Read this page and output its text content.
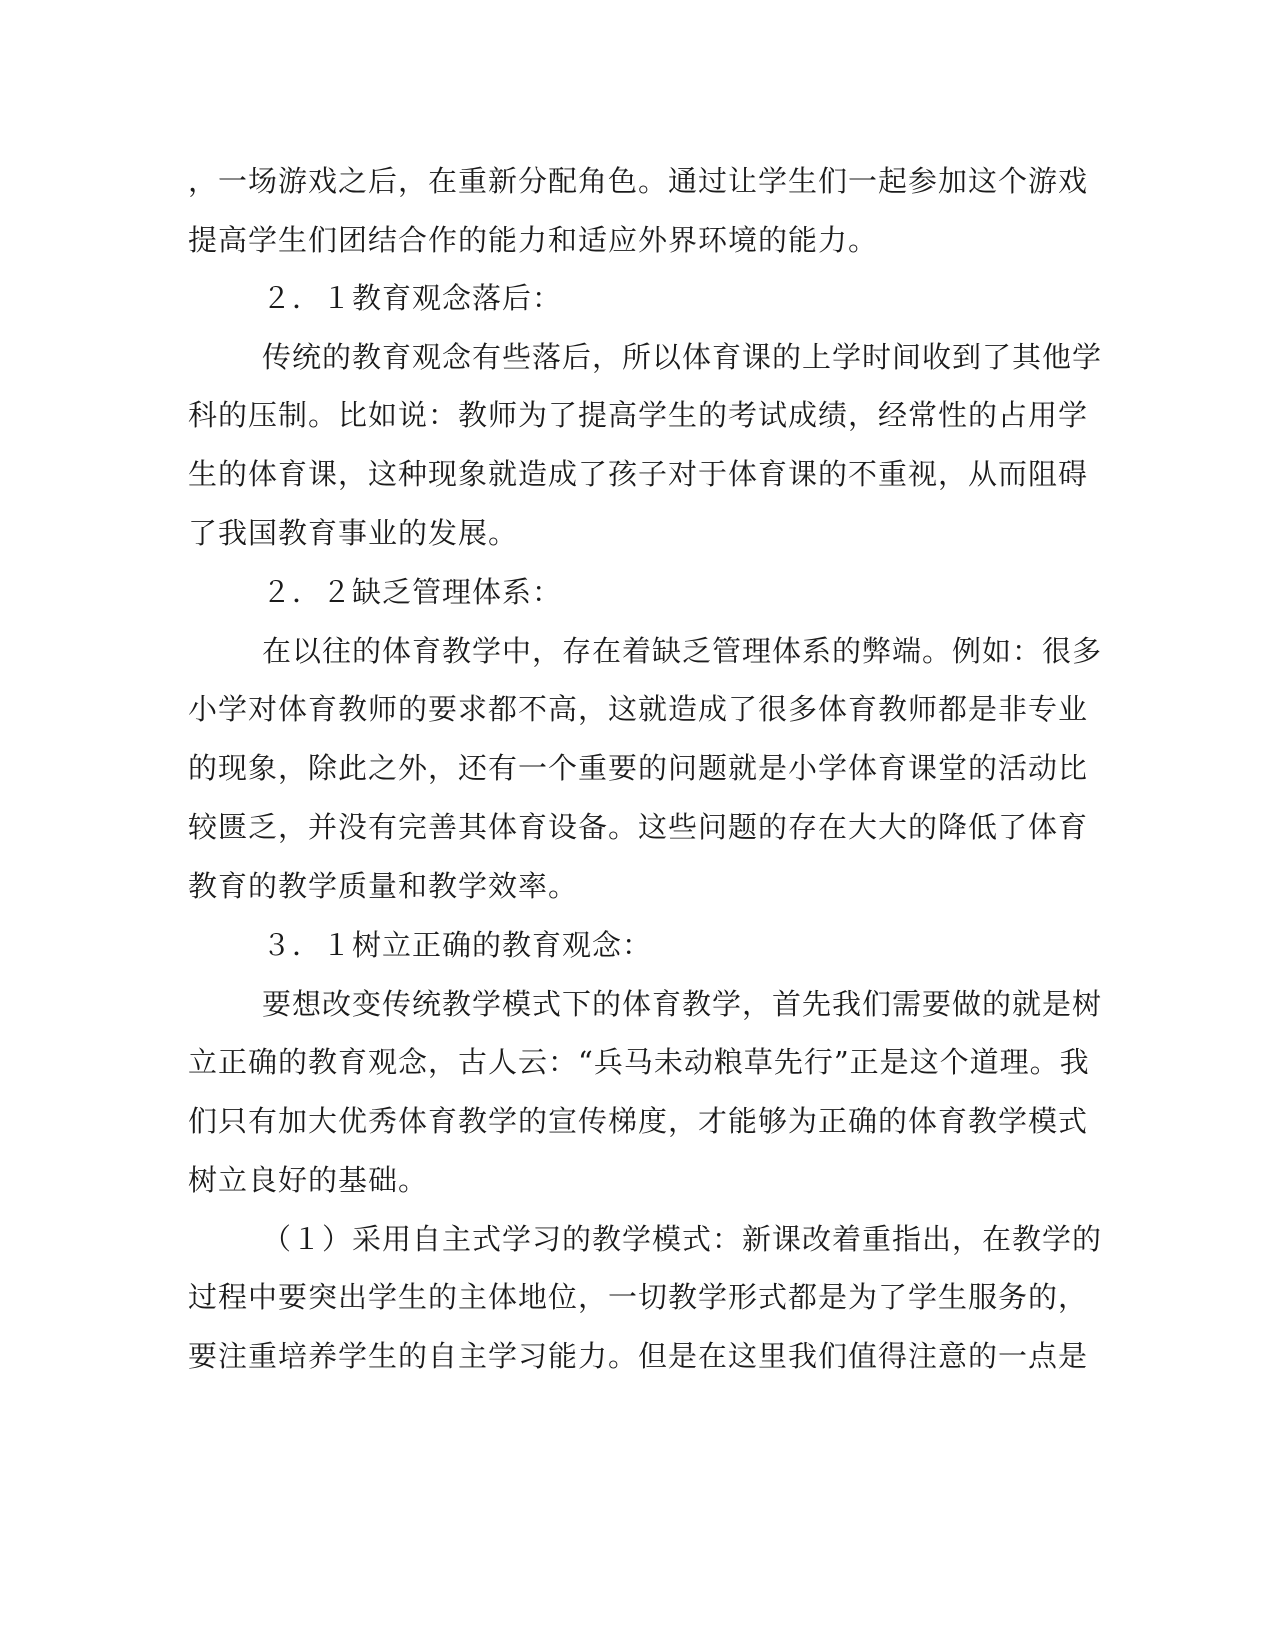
，一场游戏之后，在重新分配角色。通过让学生们一起参加这个游戏
提高学生们团结合作的能力和适应外界环境的能力。
２．１教育观念落后：
传统的教育观念有些落后，所以体育课的上学时间收到了其他学
科的压制。比如说：教师为了提高学生的考试成绩，经常性的占用学
生的体育课，这种现象就造成了孩子对于体育课的不重视，从而阻碍
了我国教育事业的发展。
２．２缺乏管理体系：
在以往的体育教学中，存在着缺乏管理体系的弊端。例如：很多
小学对体育教师的要求都不高，这就造成了很多体育教师都是非专业
的现象，除此之外，还有一个重要的问题就是小学体育课堂的活动比
较匮乏，并没有完善其体育设备。这些问题的存在大大的降低了体育
教育的教学质量和教学效率。
３．１树立正确的教育观念：
要想改变传统教学模式下的体育教学，首先我们需要做的就是树
立正确的教育观念，古人云：“兵马未动粮草先行”正是这个道理。我
们只有加大优秀体育教学的宣传梯度，才能够为正确的体育教学模式
树立良好的基础。
（１）采用自主式学习的教学模式：新课改着重指出，在教学的
过程中要突出学生的主体地位，一切教学形式都是为了学生服务的，
要注重培养学生的自主学习能力。但是在这里我们值得注意的一点是
